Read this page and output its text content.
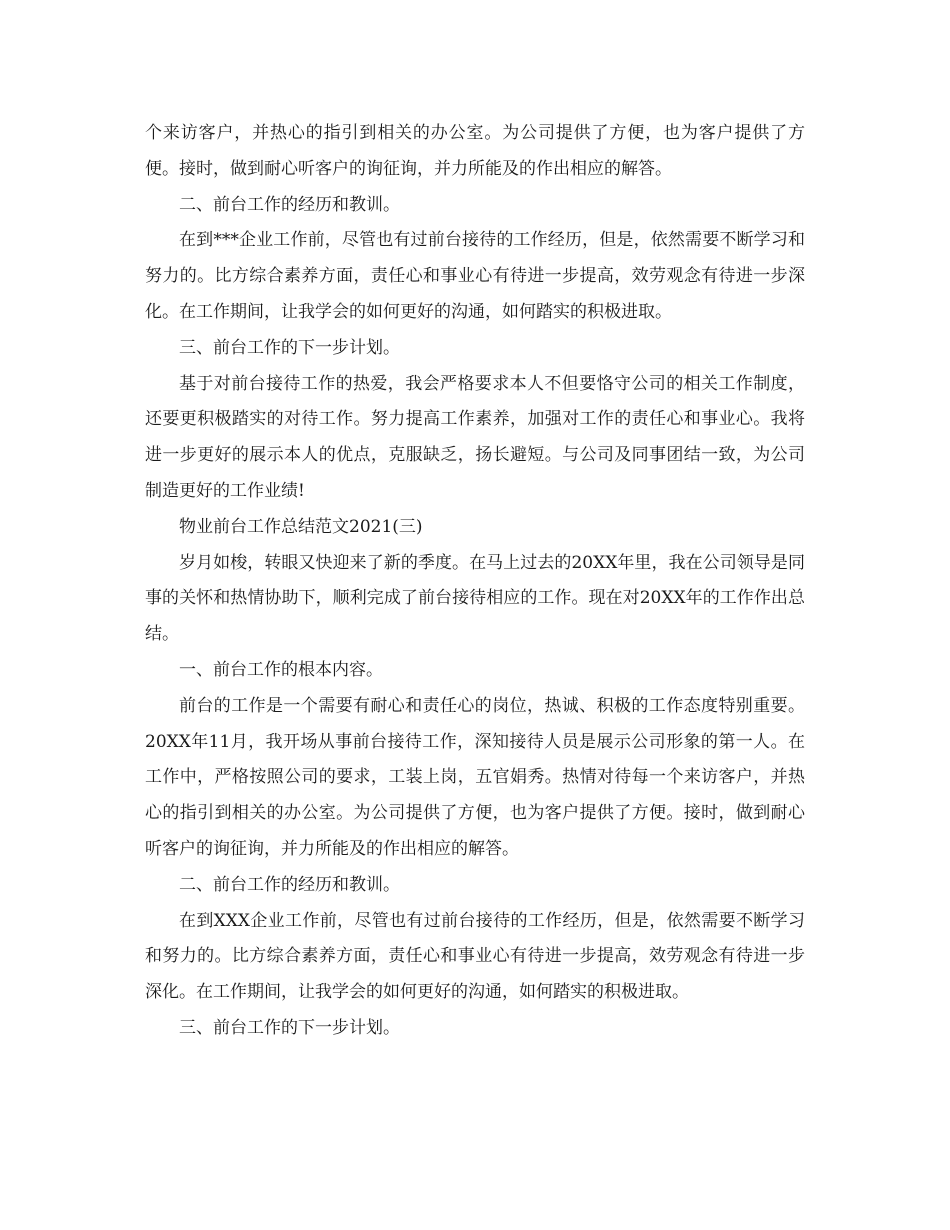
个来访客户，并热心的指引到相关的办公室。为公司提供了方便，也为客户提供了方便。接时，做到耐心听客户的询征询，并力所能及的作出相应的解答。

二、前台工作的经历和教训。

在到***企业工作前，尽管也有过前台接待的工作经历，但是，依然需要不断学习和努力的。比方综合素养方面，责任心和事业心有待进一步提高，效劳观念有待进一步深化。在工作期间，让我学会的如何更好的沟通，如何踏实的积极进取。

三、前台工作的下一步计划。

基于对前台接待工作的热爱，我会严格要求本人不但要恪守公司的相关工作制度，还要更积极踏实的对待工作。努力提高工作素养，加强对工作的责任心和事业心。我将进一步更好的展示本人的优点，克服缺乏，扬长避短。与公司及同事团结一致，为公司制造更好的工作业绩!

物业前台工作总结范文2021(三)

岁月如梭，转眼又快迎来了新的季度。在马上过去的20XX年里，我在公司领导是同事的关怀和热情协助下，顺利完成了前台接待相应的工作。现在对20XX年的工作作出总结。

一、前台工作的根本内容。

前台的工作是一个需要有耐心和责任心的岗位，热诚、积极的工作态度特别重要。20XX年11月，我开场从事前台接待工作，深知接待人员是展示公司形象的第一人。在工作中，严格按照公司的要求，工装上岗，五官娟秀。热情对待每一个来访客户，并热心的指引到相关的办公室。为公司提供了方便，也为客户提供了方便。接时，做到耐心听客户的询征询，并力所能及的作出相应的解答。

二、前台工作的经历和教训。

在到XXX企业工作前，尽管也有过前台接待的工作经历，但是，依然需要不断学习和努力的。比方综合素养方面，责任心和事业心有待进一步提高，效劳观念有待进一步深化。在工作期间，让我学会的如何更好的沟通，如何踏实的积极进取。

三、前台工作的下一步计划。
